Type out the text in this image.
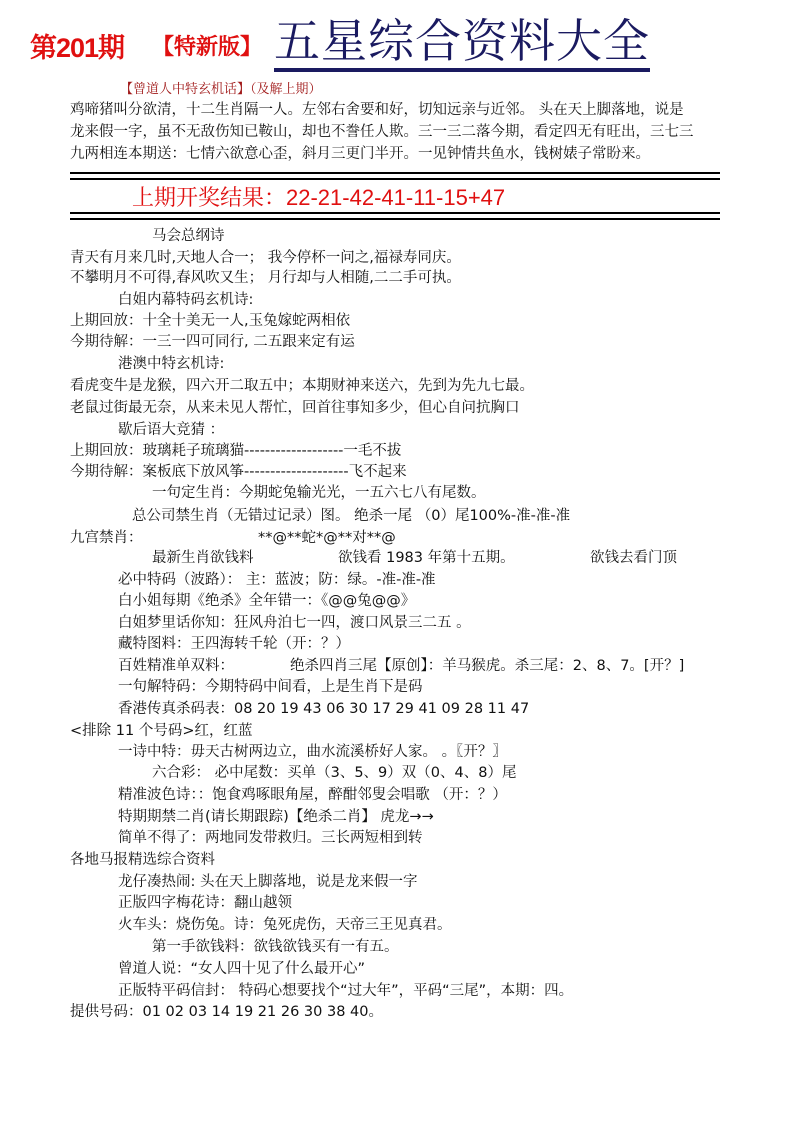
第201期 【特新版】 五星综合资料大全
【曾道人中特玄机话】（及解上期）
鸡啼猪叫分欲清，十二生肖隔一人。左邻右舍要和好，切知远亲与近邻。 头在天上脚落地，说是
龙来假一字，虽不无敌伤知已鞍山，却也不誊任人欺。三一三二落今期，看定四无有旺出，三七三
九两相连本期送：七情六欲意心歪，斜月三更门半开。一见钟情共鱼水，钱树婊子常盼来。
上期开奖结果：22-21-42-41-11-15+47
马会总纲诗
青天有月来几时,天地人合一； 我今停杯一问之,福禄寿同庆。
不攀明月不可得,春风吹又生； 月行却与人相随,二二手可执。
白姐内幕特码玄机诗:
上期回放：十全十美无一人,玉兔嫁蛇两相依
今期待解：一三一四可同行, 二五跟来定有运
港澳中特玄机诗:
看虎变牛是龙猴，四六开二取五中；本期财神来送六，先到为先九七最。
老鼠过街最无奈，从来未见人帮忙，回首往事知多少，但心自问抗胸口
歇后语大竞猜 ：
上期回放：玻璃耗子琉璃猫-------------------一毛不拔
今期待解：案板底下放风筝--------------------飞不起来
一句定生肖：今期蛇兔输光光，一五六七八有尾数。
总公司禁生肖（无错过记录）图。 绝杀一尾 （0）尾100%-准-准-准
九宫禁肖：	**@**蛇*@**对**@
最新生肖欲钱料	欲钱看 1983 年第十五期。	欲钱去看门顶
必中特码（波路）： 主：蓝波；防：绿。-准-准-准
白小姐每期《绝杀》全年错一：《@@兔@@》
白姐梦里话你知：狂风舟泊七一四，渡口风景三二五 。
藏特图料：王四海转千轮（开：？）
百姓精准单双料：	绝杀四肖三尾【原创】：羊马猴虎。杀三尾：2、8、7。[开？]
一句解特码：今期特码中间看，上是生肖下是码
香港传真杀码表：08 20 19 43 06 30 17 29 41 09 28 11 47
<排除 11 个号码>红，红蓝
一诗中特：毋天古树两边立，曲水流溪桥好人家。 。〖开？〗
六合彩： 必中尾数：买单（3、5、9）双（0、4、8）尾
精准波色诗：：饱食鸡啄眼角屋，醉酣邻叟会唱歌 （开：？）
特期期禁二肖(请长期跟踪)【绝杀二肖】 虎龙→→
简单不得了：两地同发带救归。三长两短相到转
各地马报精选综合资料
龙仔凑热闹: 头在天上脚落地，说是龙来假一字
正版四字梅花诗：翻山越领
火车头：烧伤兔。诗：兔死虎伤，天帝三王见真君。
第一手欲钱料：欲钱欲钱买有一有五。
曾道人说：“女人四十见了什么最开心”
正版特平码信封： 特码心想要找个“过大年”，平码“三尾”，本期：四。
提供号码：01 02 03 14 19 21 26 30 38 40。
